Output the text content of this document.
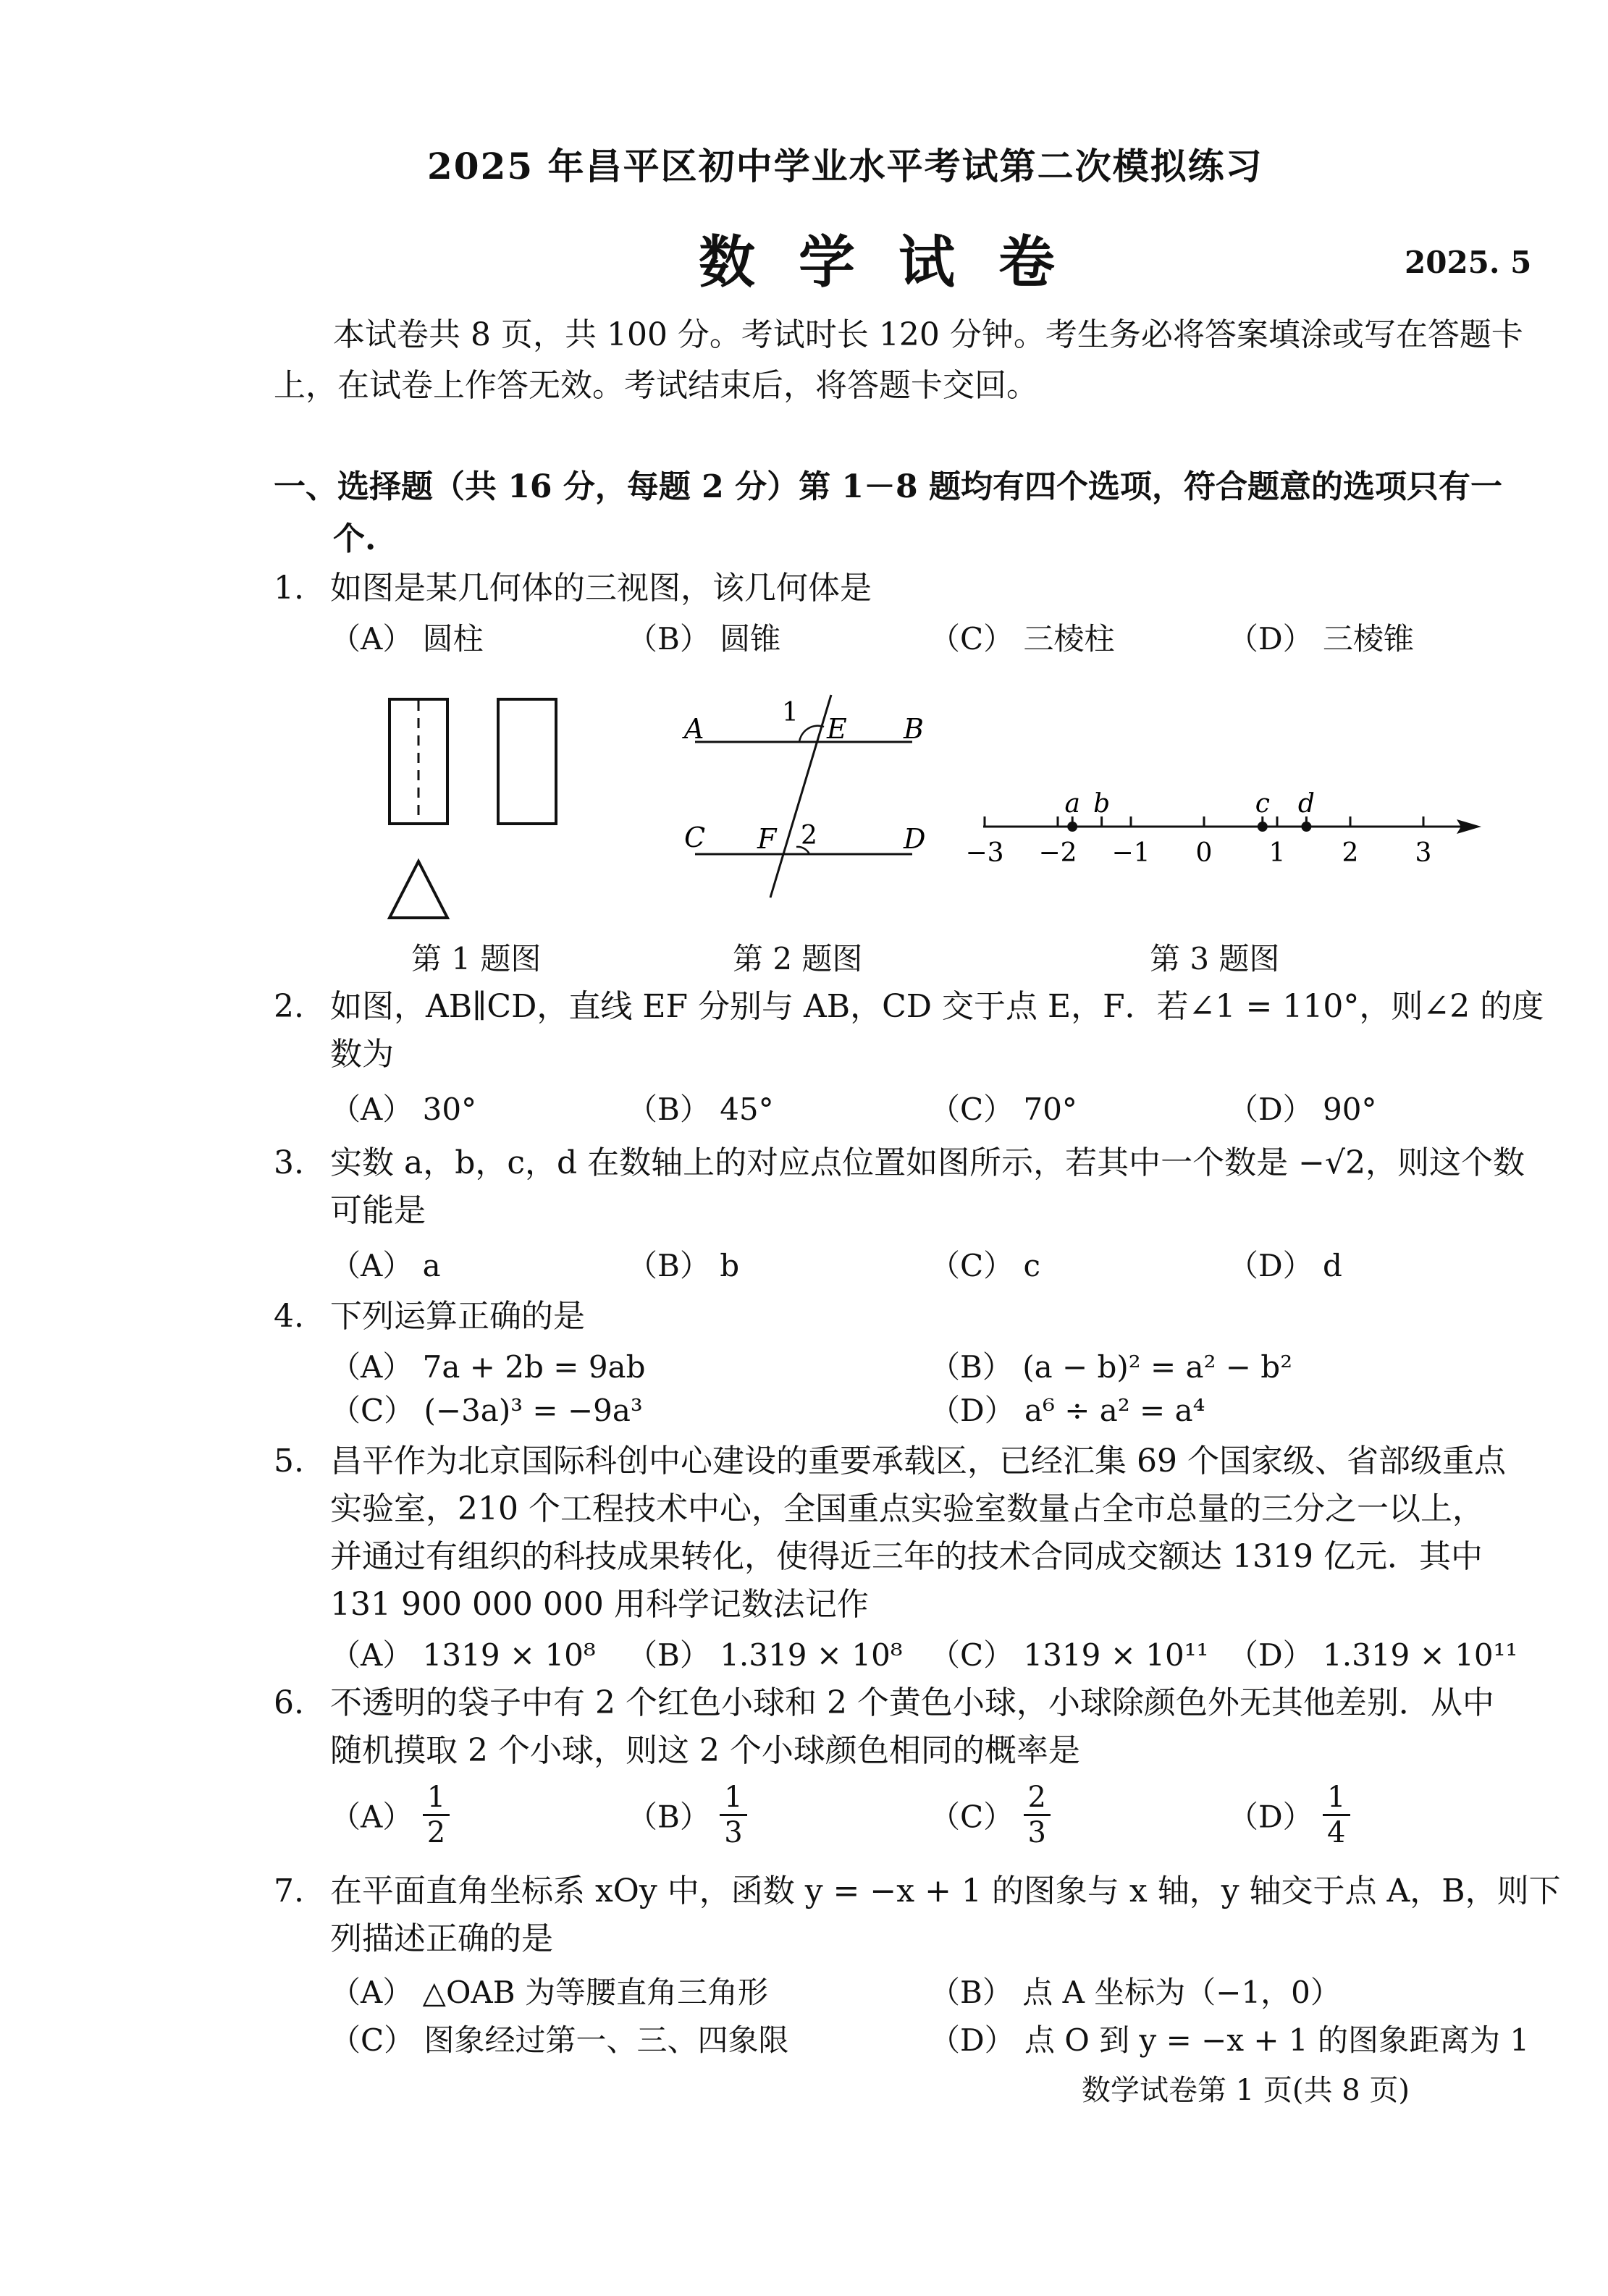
2025 年昌平区初中学业水平考试第二次模拟练习
数学试卷	2025. 5
本试卷共 8 页，共 100 分。考试时长 120 分钟。考生务必将答案填涂或写在答题卡
上，在试卷上作答无效。考试结束后，将答题卡交回。
一、选择题（共 16 分，每题 2 分）第 1－8 题均有四个选项，符合题意的选项只有一
个.
1. 如图是某几何体的三视图，该几何体是
（A） 圆柱	（B） 圆锥	（C） 三棱柱	（D） 三棱锥
A	B
C	D
E
F
1
2
−3 −2 −1 0 1 2 3
a b	c d
第 1 题图	第 2 题图	第 3 题图
2. 如图，AB∥CD，直线 EF 分别与 AB，CD 交于点 E，F．若∠1 = 110°，则∠2 的度
数为
（A） 30°	（B） 45°	（C） 70°	（D） 90°
3. 实数 a，b，c，d 在数轴上的对应点位置如图所示，若其中一个数是 −√2，则这个数
可能是
（A） a	（B） b	（C） c	（D） d
4. 下列运算正确的是
（A） 7a + 2b = 9ab	（B） (a − b)² = a² − b²
（C） (−3a)³ = −9a³	（D） a⁶ ÷ a² = a⁴
5. 昌平作为北京国际科创中心建设的重要承载区，已经汇集 69 个国家级、省部级重点
实验室，210 个工程技术中心，全国重点实验室数量占全市总量的三分之一以上，
并通过有组织的科技成果转化，使得近三年的技术合同成交额达 1319 亿元．其中
131 900 000 000 用科学记数法记作
（A） 1319 × 10⁸ （B） 1.319 × 10⁸ （C） 1319 × 10¹¹ （D） 1.319 × 10¹¹
6. 不透明的袋子中有 2 个红色小球和 2 个黄色小球，小球除颜色外无其他差别．从中
随机摸取 2 个小球，则这 2 个小球颜色相同的概率是
$(A) \frac{1}{2}$	$(B) \frac{1}{3}$	$(C) \frac{2}{3}$	$(D) \frac{1}{4}$
7. 在平面直角坐标系 xOy 中，函数 y = −x + 1 的图象与 x 轴，y 轴交于点 A，B，则下
列描述正确的是
（A） △OAB 为等腰直角三角形	（B） 点 A 坐标为（−1，0）
（C） 图象经过第一、三、四象限	（D） 点 O 到 y = −x + 1 的图象距离为 1
数学试卷第 1 页(共 8 页)
